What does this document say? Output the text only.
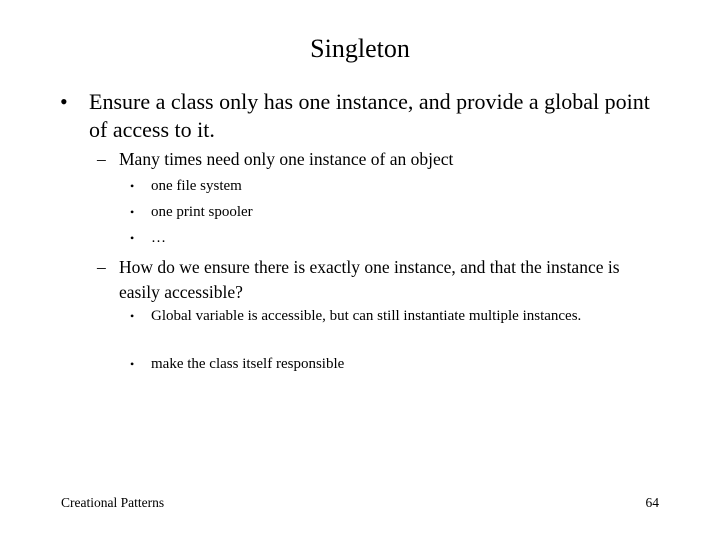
Singleton
• Ensure a class only has one instance, and provide a global point of access to it.
– Many times need only one instance of an object
•	one file system
•	one print spooler
•	…
– How do we ensure there is exactly one instance, and that the instance is easily accessible?
•	Global variable is accessible, but can still instantiate multiple instances.
•	make the class itself responsible
Creational Patterns	64
